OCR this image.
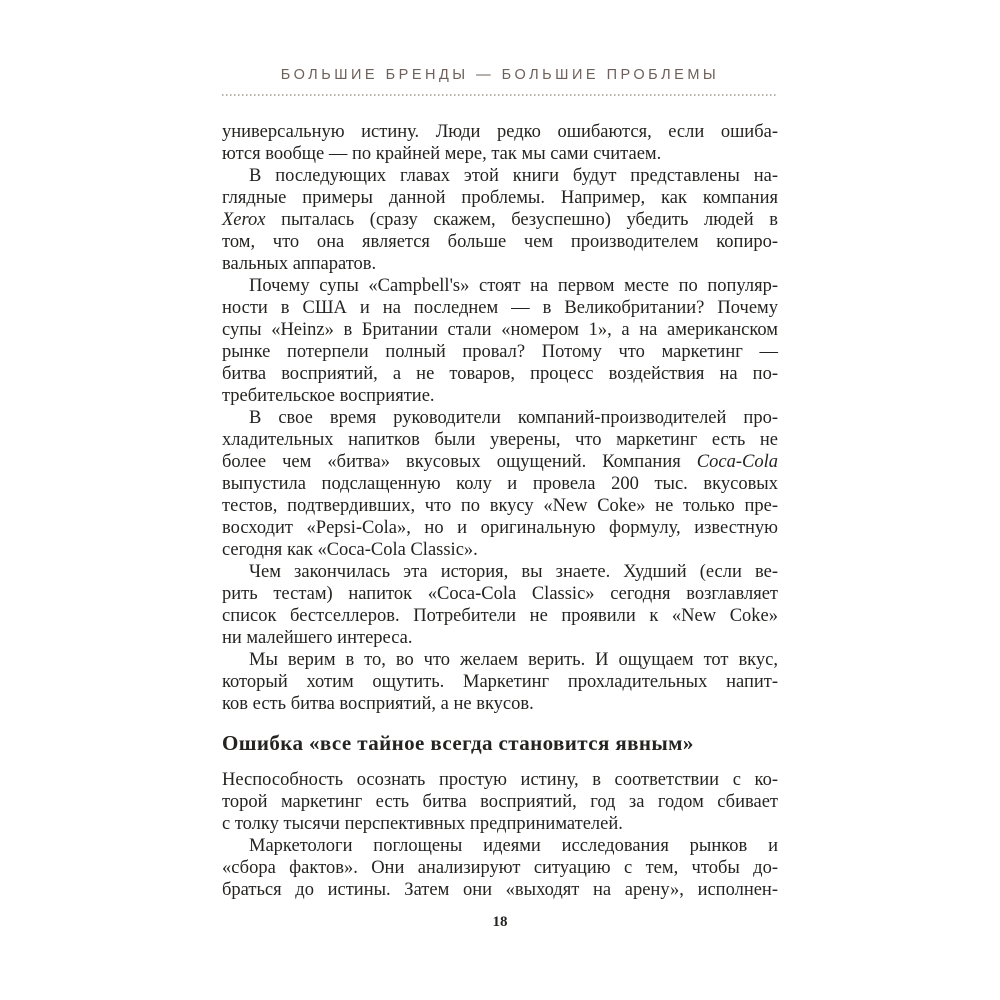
БОЛЬШИЕ БРЕНДЫ — БОЛЬШИЕ ПРОБЛЕМЫ
универсальную истину. Люди редко ошибаются, если ошиба-
ются вообще — по крайней мере, так мы сами считаем.
В последующих главах этой книги будут представлены на-
глядные примеры данной проблемы. Например, как компания
Xerox пыталась (сразу скажем, безуспешно) убедить людей в
том, что она является больше чем производителем копиро-
вальных аппаратов.
Почему супы «Campbell's» стоят на первом месте по популяр-
ности в США и на последнем — в Великобритании? Почему
супы «Heinz» в Британии стали «номером 1», а на американском
рынке потерпели полный провал? Потому что маркетинг —
битва восприятий, а не товаров, процесс воздействия на по-
требительское восприятие.
В свое время руководители компаний-производителей про-
хладительных напитков были уверены, что маркетинг есть не
более чем «битва» вкусовых ощущений. Компания Coca-Cola
выпустила подслащенную колу и провела 200 тыс. вкусовых
тестов, подтвердивших, что по вкусу «New Coke» не только пре-
восходит «Pepsi-Cola», но и оригинальную формулу, известную
сегодня как «Coca-Cola Classic».
Чем закончилась эта история, вы знаете. Худший (если ве-
рить тестам) напиток «Coca-Cola Classic» сегодня возглавляет
список бестселлеров. Потребители не проявили к «New Coke»
ни малейшего интереса.
Мы верим в то, во что желаем верить. И ощущаем тот вкус,
который хотим ощутить. Маркетинг прохладительных напит-
ков есть битва восприятий, а не вкусов.
Ошибка «все тайное всегда становится явным»
Неспособность осознать простую истину, в соответствии с ко-
торой маркетинг есть битва восприятий, год за годом сбивает
с толку тысячи перспективных предпринимателей.
Маркетологи поглощены идеями исследования рынков и
«сбора фактов». Они анализируют ситуацию с тем, чтобы до-
браться до истины. Затем они «выходят на арену», исполнен-
18
